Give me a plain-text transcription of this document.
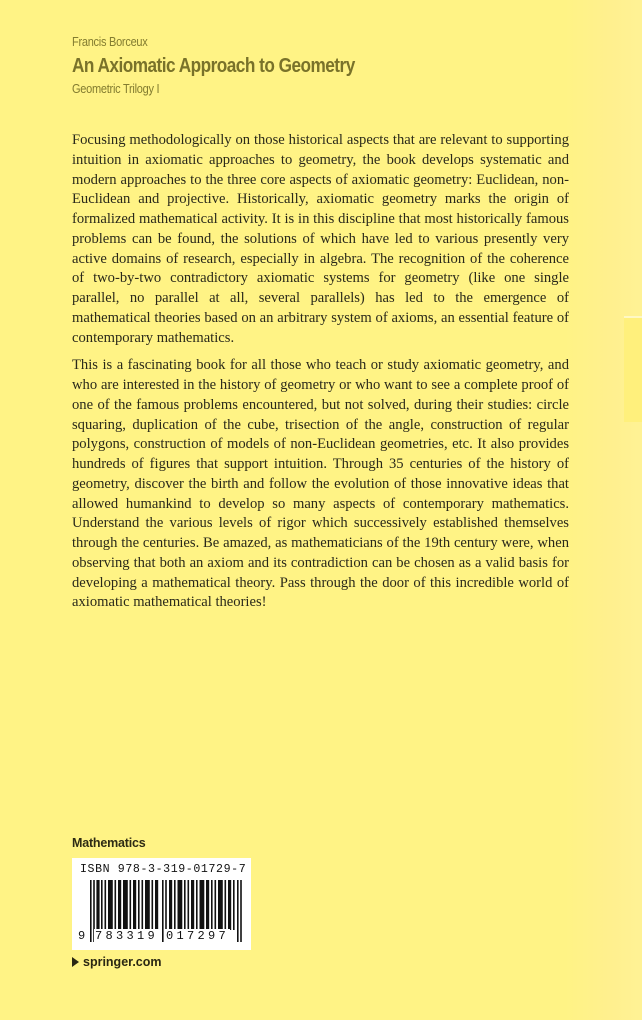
Francis Borceux
An Axiomatic Approach to Geometry
Geometric Trilogy I

Focusing methodologically on those historical aspects that are relevant to supporting intuition in axiomatic approaches to geometry, the book develops systematic and modern approaches to the three core aspects of axiomatic geometry: Euclidean, non-Euclidean and projective. Historically, axiomatic geometry marks the origin of formalized mathematical activity. It is in this discipline that most historically famous problems can be found, the solutions of which have led to various presently very active domains of research, especially in algebra. The recognition of the coherence of two-by-two contradictory axiomatic systems for geometry (like one single parallel, no parallel at all, several parallels) has led to the emergence of mathematical theories based on an arbitrary system of axioms, an essential feature of contemporary mathematics.

This is a fascinating book for all those who teach or study axiomatic geometry, and who are interested in the history of geometry or who want to see a complete proof of one of the famous problems encountered, but not solved, during their studies: circle squaring, duplication of the cube, trisection of the angle, construction of regular polygons, construction of models of non-Euclidean geometries, etc. It also provides hundreds of figures that support intuition. Through 35 centuries of the history of geometry, discover the birth and follow the evolution of those innovative ideas that allowed humankind to develop so many aspects of contemporary mathematics. Understand the various levels of rigor which successively established themselves through the centuries. Be amazed, as mathematicians of the 19th century were, when observing that both an axiom and its contradiction can be chosen as a valid basis for developing a mathematical theory. Pass through the door of this incredible world of axiomatic mathematical theories!

Mathematics
ISBN 978-3-319-01729-7
9 783319 017297
springer.com
